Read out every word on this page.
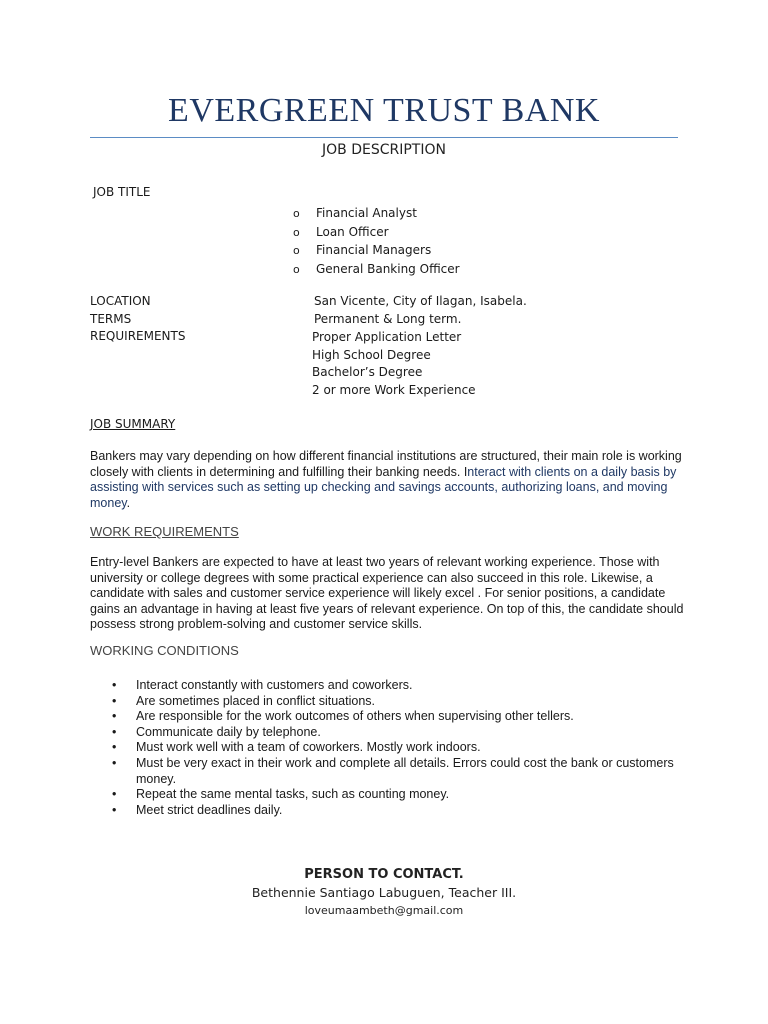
EVERGREEN TRUST BANK
JOB DESCRIPTION
JOB TITLE
o Financial Analyst
o Loan Officer
o Financial Managers
o General Banking Officer
LOCATION	San Vicente, City of Ilagan, Isabela.
TERMS	Permanent & Long term.
REQUIREMENTS	Proper Application Letter
High School Degree
Bachelor’s Degree
2 or more Work Experience
JOB SUMMARY

Bankers may vary depending on how different financial institutions are structured, their main role is working closely with clients in determining and fulfilling their banking needs. Interact with clients on a daily basis by assisting with services such as setting up checking and savings accounts, authorizing loans, and moving money.

WORK REQUIREMENTS

Entry-level Bankers are expected to have at least two years of relevant working experience. Those with university or college degrees with some practical experience can also succeed in this role. Likewise, a candidate with sales and customer service experience will likely excel . For senior positions, a candidate gains an advantage in having at least five years of relevant experience. On top of this, the candidate should possess strong problem-solving and customer service skills.

WORKING CONDITIONS
• Interact constantly with customers and coworkers.
• Are sometimes placed in conflict situations.
• Are responsible for the work outcomes of others when supervising other tellers.
• Communicate daily by telephone.
• Must work well with a team of coworkers. Mostly work indoors.
• Must be very exact in their work and complete all details. Errors could cost the bank or customers money.
• Repeat the same mental tasks, such as counting money.
• Meet strict deadlines daily.
PERSON TO CONTACT.
Bethennie Santiago Labuguen, Teacher III.
loveumaambeth@gmail.com
